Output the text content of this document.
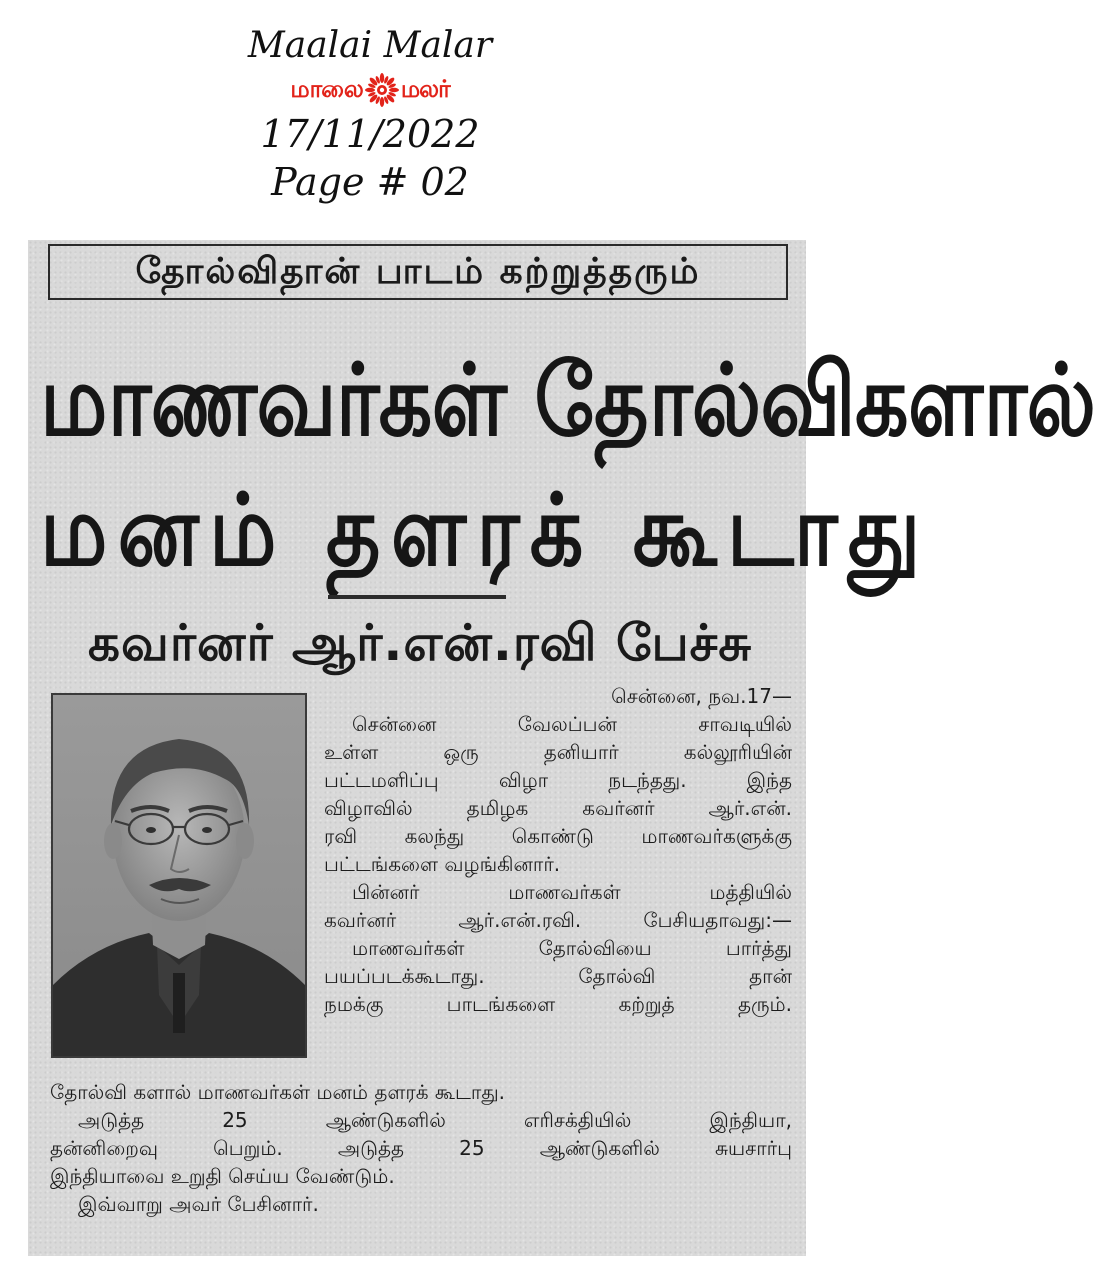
Maalai Malar
மாலை மலர்
17/11/2022
Page # 02
தோல்விதான் பாடம் கற்றுத்தரும்
மாணவர்கள் தோல்விகளால்
மனம் தளரக் கூடாது
கவர்னர் ஆர்.என்.ரவி பேச்சு
சென்னை, நவ.17—
சென்னை வேலப்பன் சாவடியில்
உள்ள ஒரு தனியார் கல்லூரியின்
பட்டமளிப்பு விழா நடந்தது. இந்த
விழாவில் தமிழக கவர்னர் ஆர்.என்.
ரவி கலந்து கொண்டு மாணவர்களுக்கு
பட்டங்களை வழங்கினார்.
பின்னர் மாணவர்கள் மத்தியில்
கவர்னர் ஆர்.என்.ரவி. பேசியதாவது:—
மாணவர்கள் தோல்வியை பார்த்து
பயப்படக்கூடாது. தோல்வி தான்
நமக்கு பாடங்களை கற்றுத் தரும்.
தோல்வி களால் மாணவர்கள் மனம் தளரக் கூடாது.
அடுத்த 25 ஆண்டுகளில் எரிசக்தியில் இந்தியா,
தன்னிறைவு பெறும். அடுத்த 25 ஆண்டுகளில் சுயசார்பு
இந்தியாவை உறுதி செய்ய வேண்டும்.
இவ்வாறு அவர் பேசினார்.
